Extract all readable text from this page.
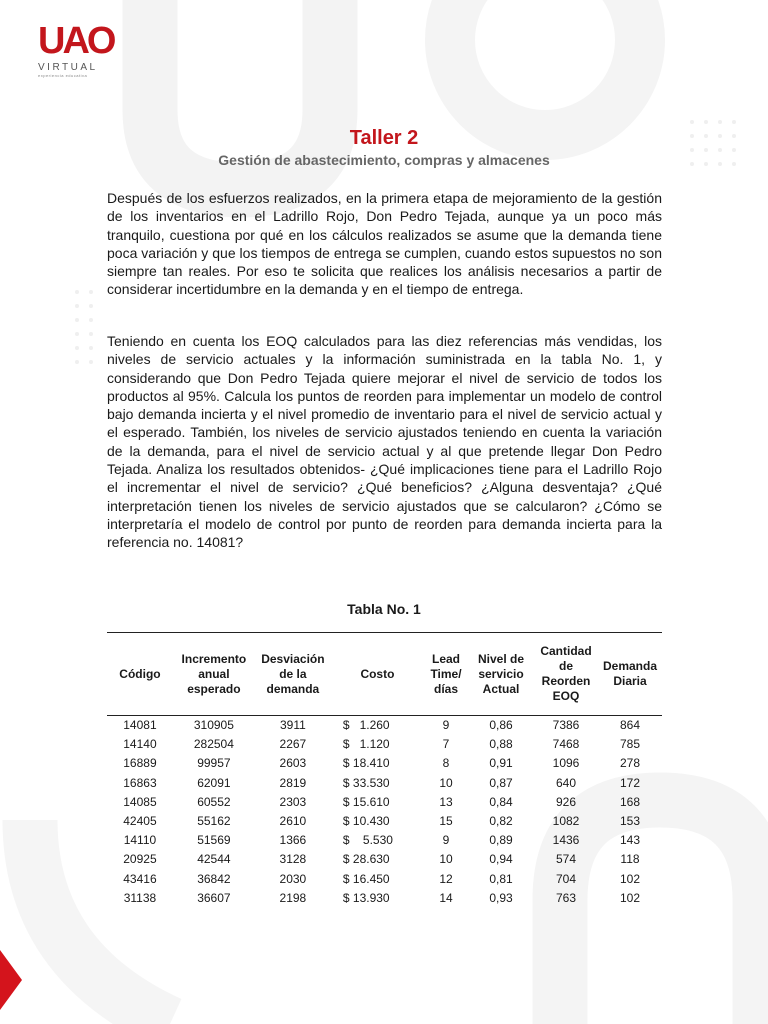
UAO
VIRTUAL
experiencia educativa
Taller 2
Gestión de abastecimiento, compras y almacenes

Después de los esfuerzos realizados, en la primera etapa de mejoramiento de la gestión de los inventarios en el Ladrillo Rojo, Don Pedro Tejada, aunque ya un poco más tranquilo, cuestiona por qué en los cálculos realizados se asume que la demanda tiene poca variación y que los tiempos de entrega se cumplen, cuando estos supuestos no son siempre tan reales. Por eso te solicita que realices los análisis necesarios a partir de considerar incertidumbre en la demanda y en el tiempo de entrega.

Teniendo en cuenta los EOQ calculados para las diez referencias más vendidas, los niveles de servicio actuales y la información suministrada en la tabla No. 1, y considerando que Don Pedro Tejada quiere mejorar el nivel de servicio de todos los productos al 95%. Calcula los puntos de reorden para implementar un modelo de control bajo demanda incierta y el nivel promedio de inventario para el nivel de servicio actual y el esperado. También, los niveles de servicio ajustados teniendo en cuenta la variación de la demanda, para el nivel de servicio actual y al que pretende llegar Don Pedro Tejada. Analiza los resultados obtenidos- ¿Qué implicaciones tiene para el Ladrillo Rojo el incrementar el nivel de servicio? ¿Qué beneficios? ¿Alguna desventaja? ¿Qué interpretación tienen los niveles de servicio ajustados que se calcularon? ¿Cómo se interpretaría el modelo de control por punto de reorden para demanda incierta para la referencia no. 14081?

Tabla No. 1
Código	Incremento anual esperado	Desviación de la demanda	Costo	Lead Time/ días	Nivel de servicio Actual	Cantidad de Reorden EOQ	Demanda Diaria
14081	310905	3911	$   1.260	9	0,86	7386	864
14140	282504	2267	$   1.120	7	0,88	7468	785
16889	99957	2603	$ 18.410	8	0,91	1096	278
16863	62091	2819	$ 33.530	10	0,87	640	172
14085	60552	2303	$ 15.610	13	0,84	926	168
42405	55162	2610	$ 10.430	15	0,82	1082	153
14110	51569	1366	$    5.530	9	0,89	1436	143
20925	42544	3128	$ 28.630	10	0,94	574	118
43416	36842	2030	$ 16.450	12	0,81	704	102
31138	36607	2198	$ 13.930	14	0,93	763	102
